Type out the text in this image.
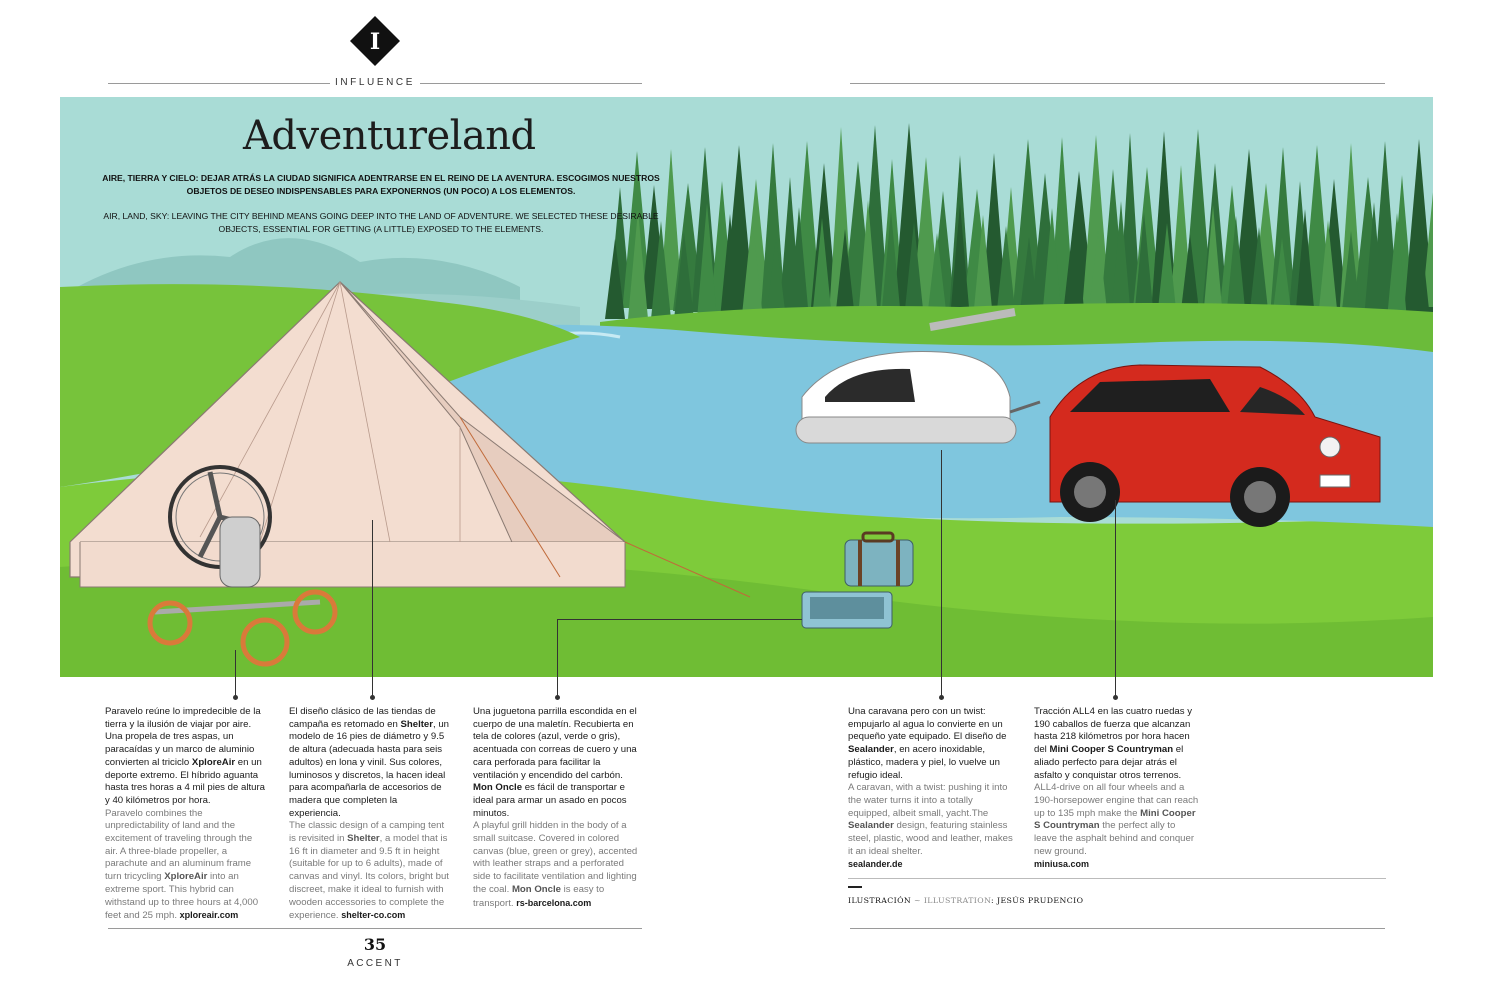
I
INFLUENCE
Adventureland
AIRE, TIERRA Y CIELO: DEJAR ATRÁS LA CIUDAD SIGNIFICA ADENTRARSE EN EL REINO DE LA AVENTURA. ESCOGIMOS NUESTROS OBJETOS DE DESEO INDISPENSABLES PARA EXPONERNOS (UN POCO) A LOS ELEMENTOS.
AIR, LAND, SKY: LEAVING THE CITY BEHIND MEANS GOING DEEP INTO THE LAND OF ADVENTURE. WE SELECTED THESE DESIRABLE OBJECTS, ESSENTIAL FOR GETTING (A LITTLE) EXPOSED TO THE ELEMENTS.
Paravelo reúne lo impredecible de la tierra y la ilusión de viajar por aire. Una propela de tres aspas, un paracaídas y un marco de aluminio convierten al triciclo XploreAir en un deporte extremo. El híbrido aguanta hasta tres horas a 4 mil pies de altura y 40 kilómetros por hora.
Paravelo combines the unpredictability of land and the excitement of traveling through the air. A three-blade propeller, a parachute and an aluminum frame turn tricycling XploreAir into an extreme sport. This hybrid can withstand up to three hours at 4,000 feet and 25 mph. xploreair.com
El diseño clásico de las tiendas de campaña es retomado en Shelter, un modelo de 16 pies de diámetro y 9.5 de altura (adecuada hasta para seis adultos) en lona y vinil. Sus colores, luminosos y discretos, la hacen ideal para acompañarla de accesorios de madera que completen la experiencia.
The classic design of a camping tent is revisited in Shelter, a model that is 16 ft in diameter and 9.5 ft in height (suitable for up to 6 adults), made of canvas and vinyl. Its colors, bright but discreet, make it ideal to furnish with wooden accessories to complete the experience. shelter-co.com
Una juguetona parrilla escondida en el cuerpo de una maletín. Recubierta en tela de colores (azul, verde o gris), acentuada con correas de cuero y una cara perforada para facilitar la ventilación y encendido del carbón. Mon Oncle es fácil de transportar e ideal para armar un asado en pocos minutos.
A playful grill hidden in the body of a small suitcase. Covered in colored canvas (blue, green or grey), accented with leather straps and a perforated side to facilitate ventilation and lighting the coal. Mon Oncle is easy to transport. rs-barcelona.com
Una caravana pero con un twist: empujarlo al agua lo convierte en un pequeño yate equipado. El diseño de Sealander, en acero inoxidable, plástico, madera y piel, lo vuelve un refugio ideal.
A caravan, with a twist: pushing it into the water turns it into a totally equipped, albeit small, yacht.The Sealander design, featuring stainless steel, plastic, wood and leather, makes it an ideal shelter.
sealander.de
Tracción ALL4 en las cuatro ruedas y 190 caballos de fuerza que alcanzan hasta 218 kilómetros por hora hacen del Mini Cooper S Countryman el aliado perfecto para dejar atrás el asfalto y conquistar otros terrenos.
ALL4-drive on all four wheels and a 190-horsepower engine that can reach up to 135 mph make the Mini Cooper S Countryman the perfect ally to leave the asphalt behind and conquer new ground.
miniusa.com
ILUSTRACIÓN ~ ILLUSTRATION: JESÚS PRUDENCIO
35
ACCENT
